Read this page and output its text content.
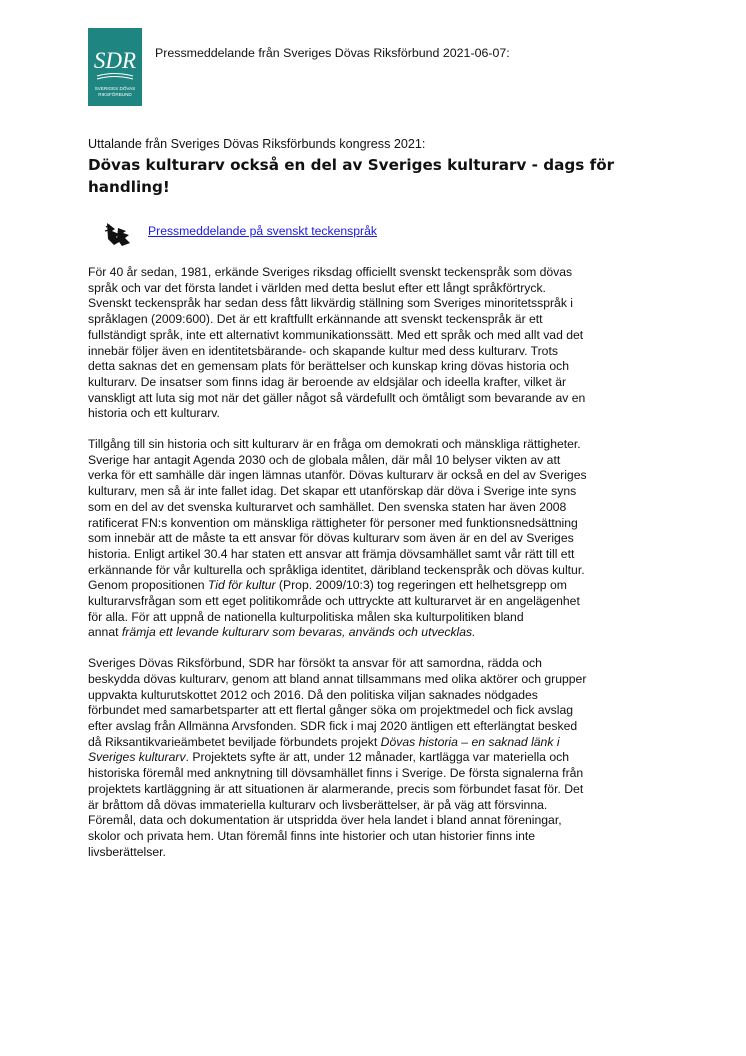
SDR
SVERIGES DÖVAS
RIKSFÖRBUND
Pressmeddelande från Sveriges Dövas Riksförbund 2021-06-07:
Uttalande från Sveriges Dövas Riksförbunds kongress 2021:
Dövas kulturarv också en del av Sveriges kulturarv - dags för handling!
Pressmeddelande på svenskt teckenspråk

För 40 år sedan, 1981, erkände Sveriges riksdag officiellt svenskt teckenspråk som dövas
språk och var det första landet i världen med detta beslut efter ett långt språkförtryck.
Svenskt teckenspråk har sedan dess fått likvärdig ställning som Sveriges minoritetsspråk i
språklagen (2009:600). Det är ett kraftfullt erkännande att svenskt teckenspråk är ett
fullständigt språk, inte ett alternativt kommunikationssätt. Med ett språk och med allt vad det
innebär följer även en identitetsbärande- och skapande kultur med dess kulturarv. Trots
detta saknas det en gemensam plats för berättelser och kunskap kring dövas historia och
kulturarv. De insatser som finns idag är beroende av eldsjälar och ideella krafter, vilket är
vanskligt att luta sig mot när det gäller något så värdefullt och ömtåligt som bevarande av en
historia och ett kulturarv.

Tillgång till sin historia och sitt kulturarv är en fråga om demokrati och mänskliga rättigheter.
Sverige har antagit Agenda 2030 och de globala målen, där mål 10 belyser vikten av att
verka för ett samhälle där ingen lämnas utanför. Dövas kulturarv är också en del av Sveriges
kulturarv, men så är inte fallet idag. Det skapar ett utanförskap där döva i Sverige inte syns
som en del av det svenska kulturarvet och samhället. Den svenska staten har även 2008
ratificerat FN:s konvention om mänskliga rättigheter för personer med funktionsnedsättning
som innebär att de måste ta ett ansvar för dövas kulturarv som även är en del av Sveriges
historia. Enligt artikel 30.4 har staten ett ansvar att främja dövsamhället samt vår rätt till ett
erkännande för vår kulturella och språkliga identitet, däribland teckenspråk och dövas kultur.
Genom propositionen Tid för kultur (Prop. 2009/10:3) tog regeringen ett helhetsgrepp om
kulturarvsfrågan som ett eget politikområde och uttryckte att kulturarvet är en angelägenhet
för alla. För att uppnå de nationella kulturpolitiska målen ska kulturpolitiken bland
annat främja ett levande kulturarv som bevaras, används och utvecklas.

Sveriges Dövas Riksförbund, SDR har försökt ta ansvar för att samordna, rädda och
beskydda dövas kulturarv, genom att bland annat tillsammans med olika aktörer och grupper
uppvakta kulturutskottet 2012 och 2016. Då den politiska viljan saknades nödgades
förbundet med samarbetsparter att ett flertal gånger söka om projektmedel och fick avslag
efter avslag från Allmänna Arvsfonden. SDR fick i maj 2020 äntligen ett efterlängtat besked
då Riksantikvarieämbetet beviljade förbundets projekt Dövas historia – en saknad länk i
Sveriges kulturarv. Projektets syfte är att, under 12 månader, kartlägga var materiella och
historiska föremål med anknytning till dövsamhället finns i Sverige. De första signalerna från
projektets kartläggning är att situationen är alarmerande, precis som förbundet fasat för. Det
är bråttom då dövas immateriella kulturarv och livsberättelser, är på väg att försvinna.
Föremål, data och dokumentation är utspridda över hela landet i bland annat föreningar,
skolor och privata hem. Utan föremål finns inte historier och utan historier finns inte
livsberättelser.
